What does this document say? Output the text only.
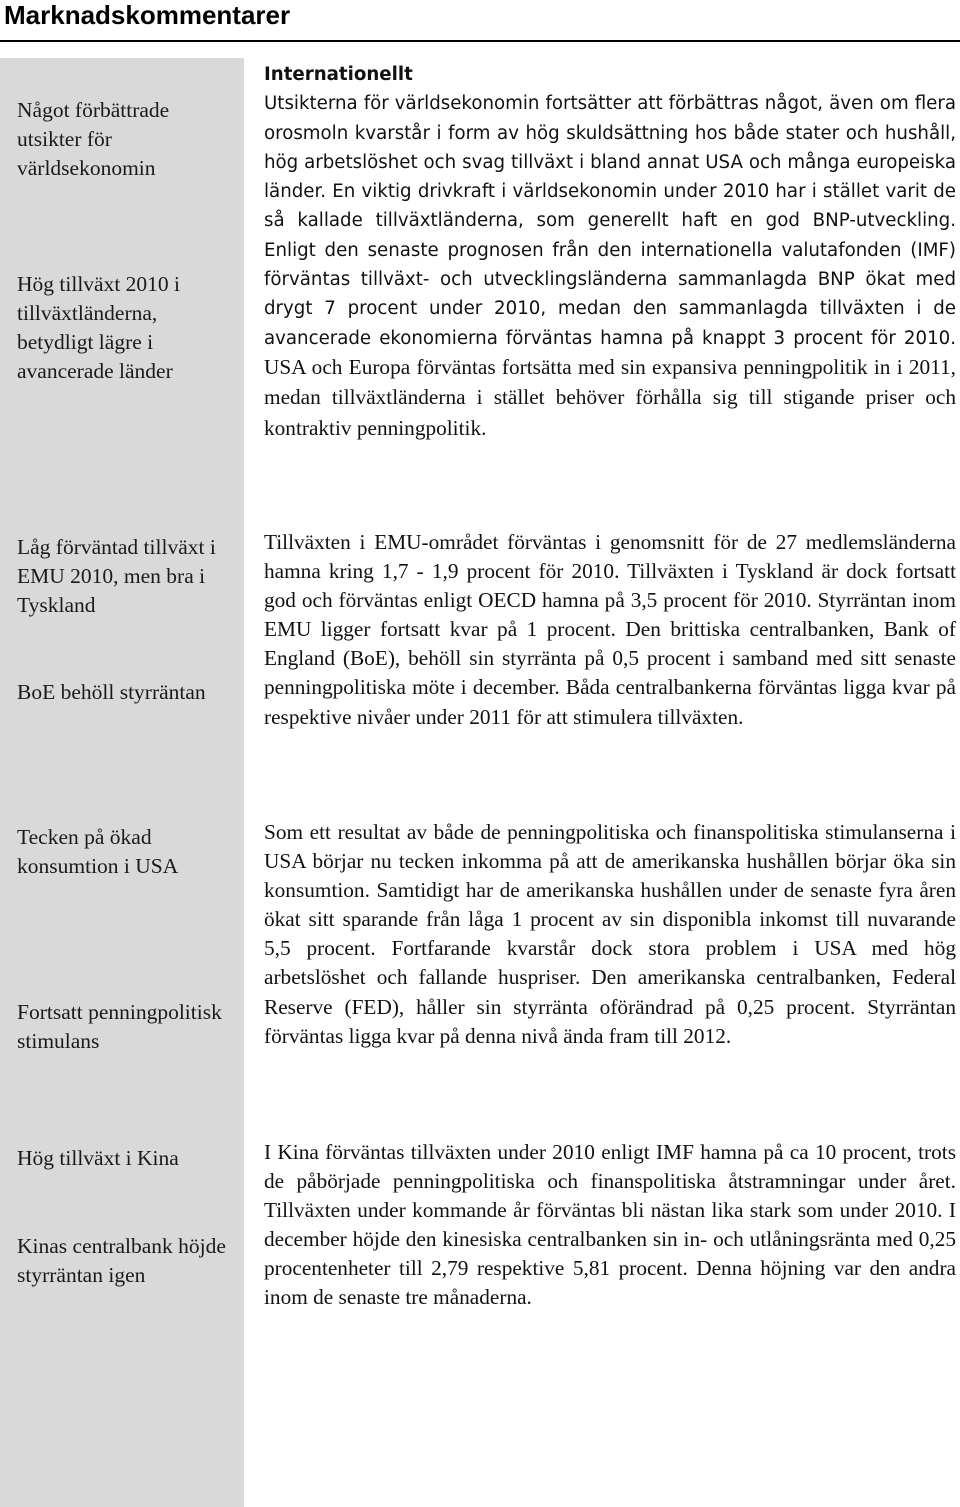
Marknadskommentarer
Något förbättrade utsikter för världsekonomin
Hög tillväxt 2010 i tillväxtländerna, betydligt lägre i avancerade länder
Låg förväntad tillväxt i EMU 2010, men bra i Tyskland
BoE behöll styrräntan
Tecken på ökad konsumtion i USA
Fortsatt penningpolitisk stimulans
Hög tillväxt i Kina
Kinas centralbank höjde styrräntan igen

Internationellt
Utsikterna för världsekonomin fortsätter att förbättras något, även om flera orosmoln kvarstår i form av hög skuldsättning hos både stater och hushåll, hög arbetslöshet och svag tillväxt i bland annat USA och många europeiska länder. En viktig drivkraft i världsekonomin under 2010 har i stället varit de så kallade tillväxtländerna, som generellt haft en god BNP-utveckling. Enligt den senaste prognosen från den internationella valutafonden (IMF) förväntas tillväxt- och utvecklingsländerna sammanlagda BNP ökat med drygt 7 procent under 2010, medan den sammanlagda tillväxten i de avancerade ekonomierna förväntas hamna på knappt 3 procent för 2010. USA och Europa förväntas fortsätta med sin expansiva penningpolitik in i 2011, medan tillväxtländerna i stället behöver förhålla sig till stigande priser och kontraktiv penningpolitik.

Tillväxten i EMU-området förväntas i genomsnitt för de 27 medlemsländerna hamna kring 1,7 - 1,9 procent för 2010. Tillväxten i Tyskland är dock fortsatt god och förväntas enligt OECD hamna på 3,5 procent för 2010. Styrräntan inom EMU ligger fortsatt kvar på 1 procent. Den brittiska centralbanken, Bank of England (BoE), behöll sin styrränta på 0,5 procent i samband med sitt senaste penningpolitiska möte i december. Båda centralbankerna förväntas ligga kvar på respektive nivåer under 2011 för att stimulera tillväxten.

Som ett resultat av både de penningpolitiska och finanspolitiska stimulanserna i USA börjar nu tecken inkomma på att de amerikanska hushållen börjar öka sin konsumtion. Samtidigt har de amerikanska hushållen under de senaste fyra åren ökat sitt sparande från låga 1 procent av sin disponibla inkomst till nuvarande 5,5 procent. Fortfarande kvarstår dock stora problem i USA med hög arbetslöshet och fallande huspriser. Den amerikanska centralbanken, Federal Reserve (FED), håller sin styrränta oförändrad på 0,25 procent. Styrräntan förväntas ligga kvar på denna nivå ända fram till 2012.

I Kina förväntas tillväxten under 2010 enligt IMF hamna på ca 10 procent, trots de påbörjade penningpolitiska och finanspolitiska åtstramningar under året. Tillväxten under kommande år förväntas bli nästan lika stark som under 2010. I december höjde den kinesiska centralbanken sin in- och utlåningsränta med 0,25 procentenheter till 2,79 respektive 5,81 procent. Denna höjning var den andra inom de senaste tre månaderna.
